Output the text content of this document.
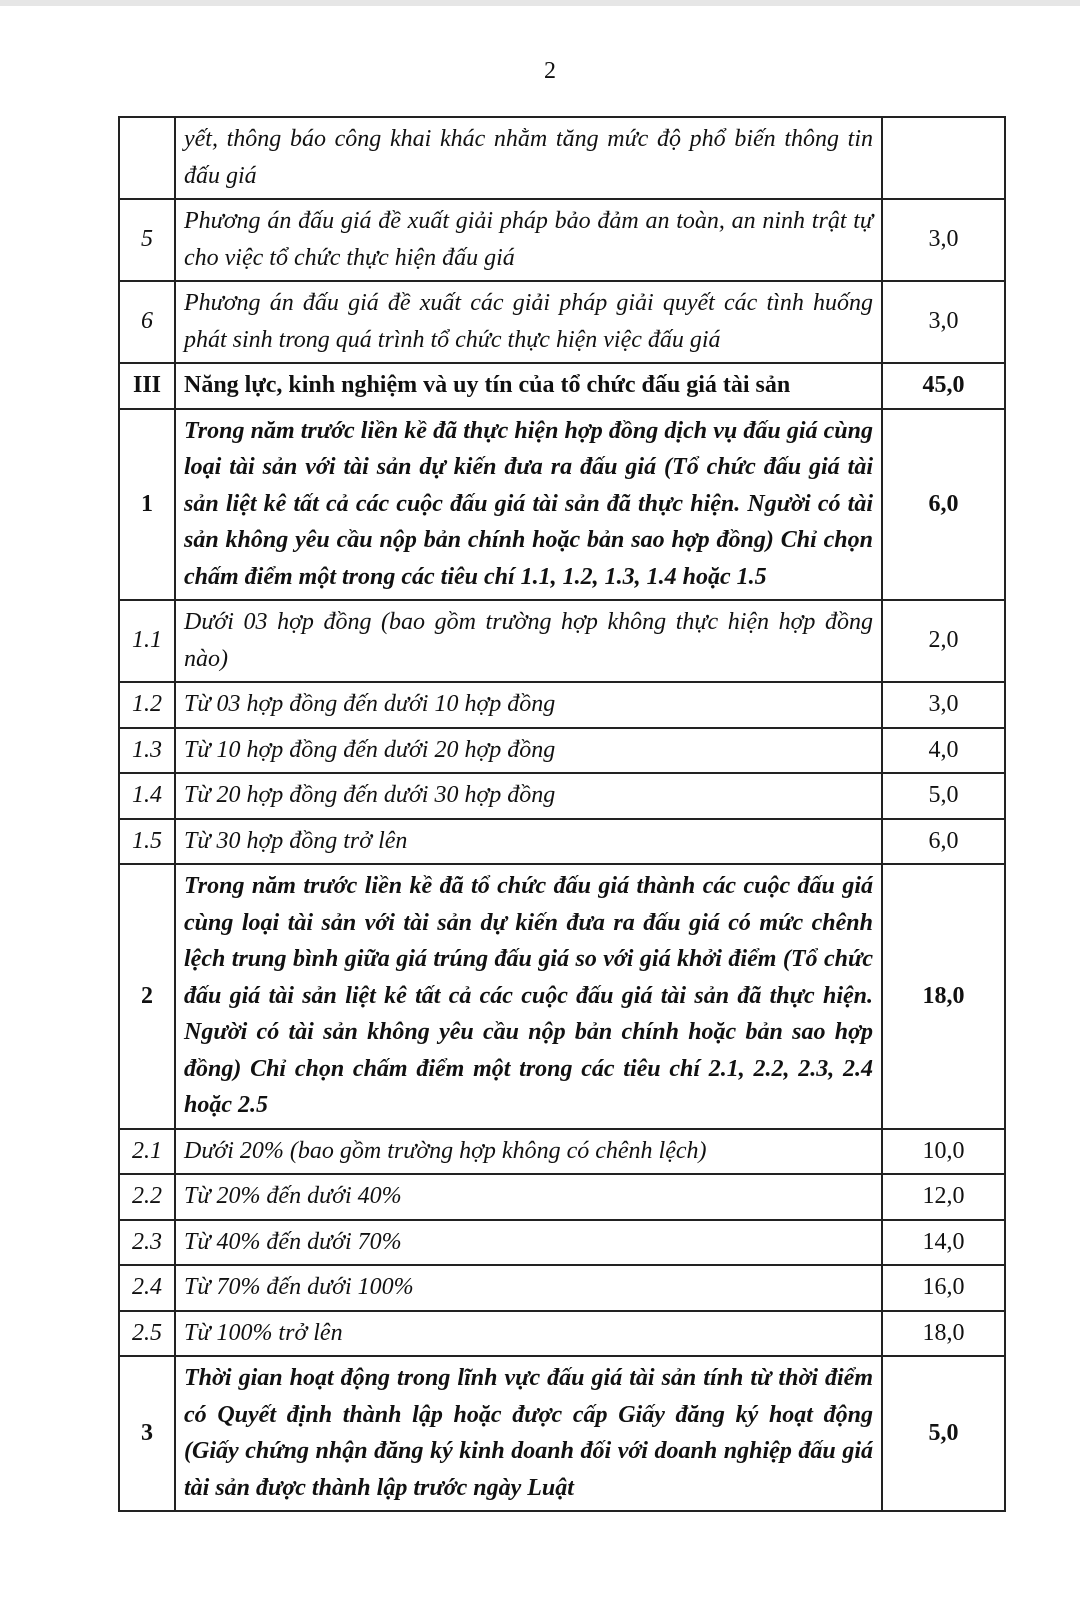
2
	yết, thông báo công khai khác nhằm tăng mức độ phổ biến thông tin đấu giá	
5	Phương án đấu giá đề xuất giải pháp bảo đảm an toàn, an ninh trật tự cho việc tổ chức thực hiện đấu giá	3,0
6	Phương án đấu giá đề xuất các giải pháp giải quyết các tình huống phát sinh trong quá trình tổ chức thực hiện việc đấu giá	3,0
III	Năng lực, kinh nghiệm và uy tín của tổ chức đấu giá tài sản	45,0
1	Trong năm trước liền kề đã thực hiện hợp đồng dịch vụ đấu giá cùng loại tài sản với tài sản dự kiến đưa ra đấu giá (Tổ chức đấu giá tài sản liệt kê tất cả các cuộc đấu giá tài sản đã thực hiện. Người có tài sản không yêu cầu nộp bản chính hoặc bản sao hợp đồng) Chỉ chọn chấm điểm một trong các tiêu chí 1.1, 1.2, 1.3, 1.4 hoặc 1.5	6,0
1.1	Dưới 03 hợp đồng (bao gồm trường hợp không thực hiện hợp đồng nào)	2,0
1.2	Từ 03 hợp đồng đến dưới 10 hợp đồng	3,0
1.3	Từ 10 hợp đồng đến dưới 20 hợp đồng	4,0
1.4	Từ 20 hợp đồng đến dưới 30 hợp đồng	5,0
1.5	Từ 30 hợp đồng trở lên	6,0
2	Trong năm trước liền kề đã tổ chức đấu giá thành các cuộc đấu giá cùng loại tài sản với tài sản dự kiến đưa ra đấu giá có mức chênh lệch trung bình giữa giá trúng đấu giá so với giá khởi điểm (Tổ chức đấu giá tài sản liệt kê tất cả các cuộc đấu giá tài sản đã thực hiện. Người có tài sản không yêu cầu nộp bản chính hoặc bản sao hợp đồng) Chỉ chọn chấm điểm một trong các tiêu chí 2.1, 2.2, 2.3, 2.4 hoặc 2.5	18,0
2.1	Dưới 20% (bao gồm trường hợp không có chênh lệch)	10,0
2.2	Từ 20% đến dưới 40%	12,0
2.3	Từ 40% đến dưới 70%	14,0
2.4	Từ 70% đến dưới 100%	16,0
2.5	Từ 100% trở lên	18,0
3	Thời gian hoạt động trong lĩnh vực đấu giá tài sản tính từ thời điểm có Quyết định thành lập hoặc được cấp Giấy đăng ký hoạt động (Giấy chứng nhận đăng ký kinh doanh đối với doanh nghiệp đấu giá tài sản được thành lập trước ngày Luật	5,0
